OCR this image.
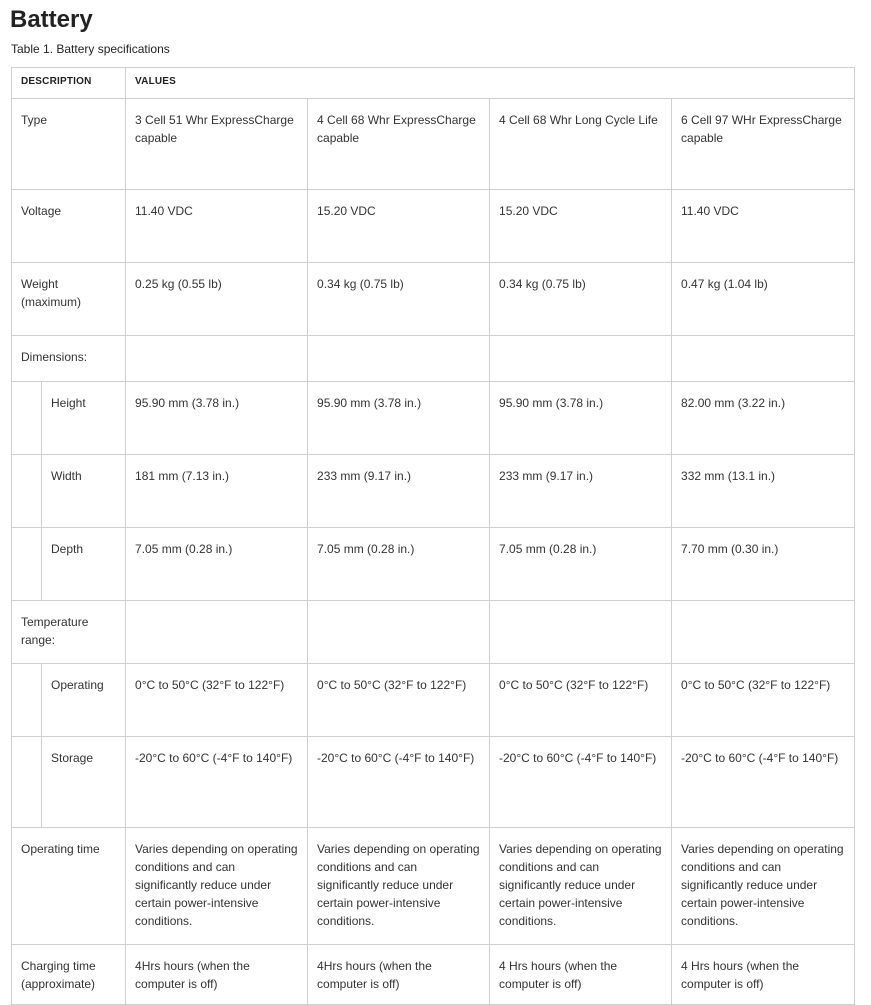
Battery
Table 1. Battery specifications
DESCRIPTION		VALUES			
Type		3 Cell 51 Whr ExpressCharge capable	4 Cell 68 Whr ExpressCharge capable	4 Cell 68 Whr Long Cycle Life	6 Cell 97 WHr ExpressCharge capable
Voltage		11.40 VDC	15.20 VDC	15.20 VDC	11.40 VDC
Weight (maximum)		0.25 kg (0.55 lb)	0.34 kg (0.75 lb)	0.34 kg (0.75 lb)	0.47 kg (1.04 lb)
Dimensions:					
	Height	95.90 mm (3.78 in.)	95.90 mm (3.78 in.)	95.90 mm (3.78 in.)	82.00 mm (3.22 in.)
	Width	181 mm (7.13 in.)	233 mm (9.17 in.)	233 mm (9.17 in.)	332 mm (13.1 in.)
	Depth	7.05 mm (0.28 in.)	7.05 mm (0.28 in.)	7.05 mm (0.28 in.)	7.70 mm (0.30 in.)
Temperature range:					
	Operating	0°C to 50°C (32°F to 122°F)	0°C to 50°C (32°F to 122°F)	0°C to 50°C (32°F to 122°F)	0°C to 50°C (32°F to 122°F)
	Storage	-20°C to 60°C (-4°F to 140°F)	-20°C to 60°C (-4°F to 140°F)	-20°C to 60°C (-4°F to 140°F)	-20°C to 60°C (-4°F to 140°F)
Operating time		Varies depending on operating conditions and can significantly reduce under certain power-intensive conditions.	Varies depending on operating conditions and can significantly reduce under certain power-intensive conditions.	Varies depending on operating conditions and can significantly reduce under certain power-intensive conditions.	Varies depending on operating conditions and can significantly reduce under certain power-intensive conditions.
Charging time (approximate)		4Hrs hours (when the computer is off)	4Hrs hours (when the computer is off)	4 Hrs hours (when the computer is off)	4 Hrs hours (when the computer is off)
